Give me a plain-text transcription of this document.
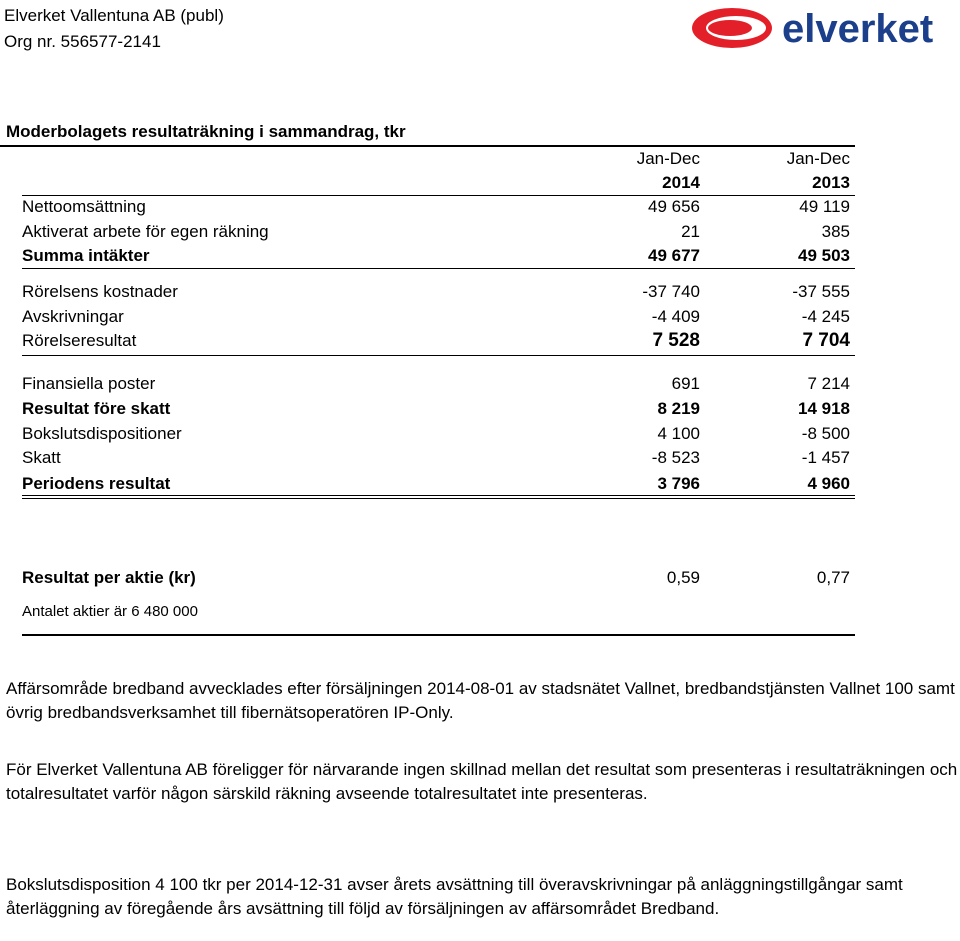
Elverket Vallentuna AB (publ)
Org nr. 556577-2141	elverket
Moderbolagets resultaträkning i sammandrag, tkr
Jan-Dec	Jan-Dec
2014	2013
Nettoomsättning	49 656	49 119
Aktiverat arbete för egen räkning	21	385
Summa intäkter	49 677	49 503
Rörelsens kostnader	-37 740	-37 555
Avskrivningar	-4 409	-4 245
Rörelseresultat	7 528	7 704
Finansiella poster	691	7 214
Resultat före skatt	8 219	14 918
Bokslutsdispositioner	4 100	-8 500
Skatt	-8 523	-1 457
Periodens resultat	3 796	4 960
Resultat per aktie (kr)	0,59	0,77
Antalet aktier är 6 480 000
Affärsområde bredband avvecklades efter försäljningen 2014-08-01 av stadsnätet Vallnet, bredbandstjänsten Vallnet 100 samt övrig bredbandsverksamhet till fibernätsoperatören IP-Only.
För Elverket Vallentuna AB föreligger för närvarande ingen skillnad mellan det resultat som presenteras i resultaträkningen och totalresultatet varför någon särskild räkning avseende totalresultatet inte presenteras.
Bokslutsdisposition 4 100 tkr per 2014-12-31 avser årets avsättning till överavskrivningar på anläggningstillgångar samt återläggning av föregående års avsättning till följd av försäljningen av affärsområdet Bredband.
